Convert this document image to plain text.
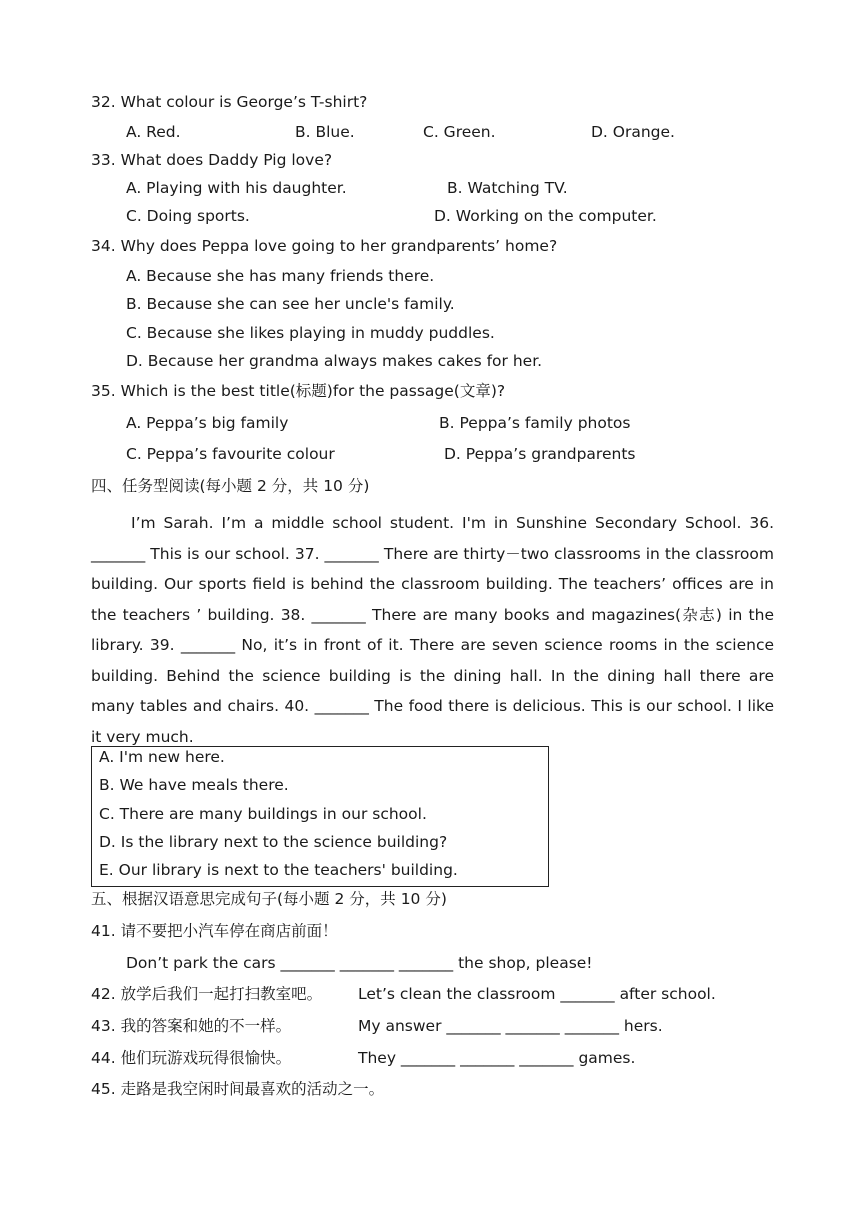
32. What colour is George’s T-shirt?
A. Red.	B. Blue.	C. Green.	D. Orange.
33. What does Daddy Pig love?
A. Playing with his daughter.	B. Watching TV.
C. Doing sports.	D. Working on the computer.
34. Why does Peppa love going to her grandparents’ home?
A. Because she has many friends there.
B. Because she can see her uncle's family.
C. Because she likes playing in muddy puddles.
D. Because her grandma always makes cakes for her.
35. Which is the best title(标题)for the passage(文章)?
A. Peppa’s big family	B. Peppa’s family photos
C. Peppa’s favourite colour	D. Peppa’s grandparents
四、任务型阅读(每小题 2 分，共 10 分)

I’m Sarah. I’m a middle school student. I'm in Sunshine Secondary School. 36. _______ This is our school. 37. _______ There are thirty－two classrooms in the classroom building. Our sports field is behind the classroom building. The teachers’ offices are in the teachers ’ building. 38. _______ There are many books and magazines(杂志) in the library. 39. _______ No, it’s in front of it. There are seven science rooms in the science building. Behind the science building is the dining hall. In the dining hall there are many tables and chairs. 40. _______ The food there is delicious. This is our school. I like it very much.

A. I'm new here.
B. We have meals there.
C. There are many buildings in our school.
D. Is the library next to the science building?
E. Our library is next to the teachers' building.
五、根据汉语意思完成句子(每小题 2 分，共 10 分)
41. 请不要把小汽车停在商店前面！
Don’t park the cars _______ _______ _______ the shop, please!
42. 放学后我们一起打扫教室吧。 Let’s clean the classroom _______ after school.
43. 我的答案和她的不一样。	My answer _______ _______ _______ hers.
44. 他们玩游戏玩得很愉快。	They _______ _______ _______ games.
45. 走路是我空闲时间最喜欢的活动之一。
